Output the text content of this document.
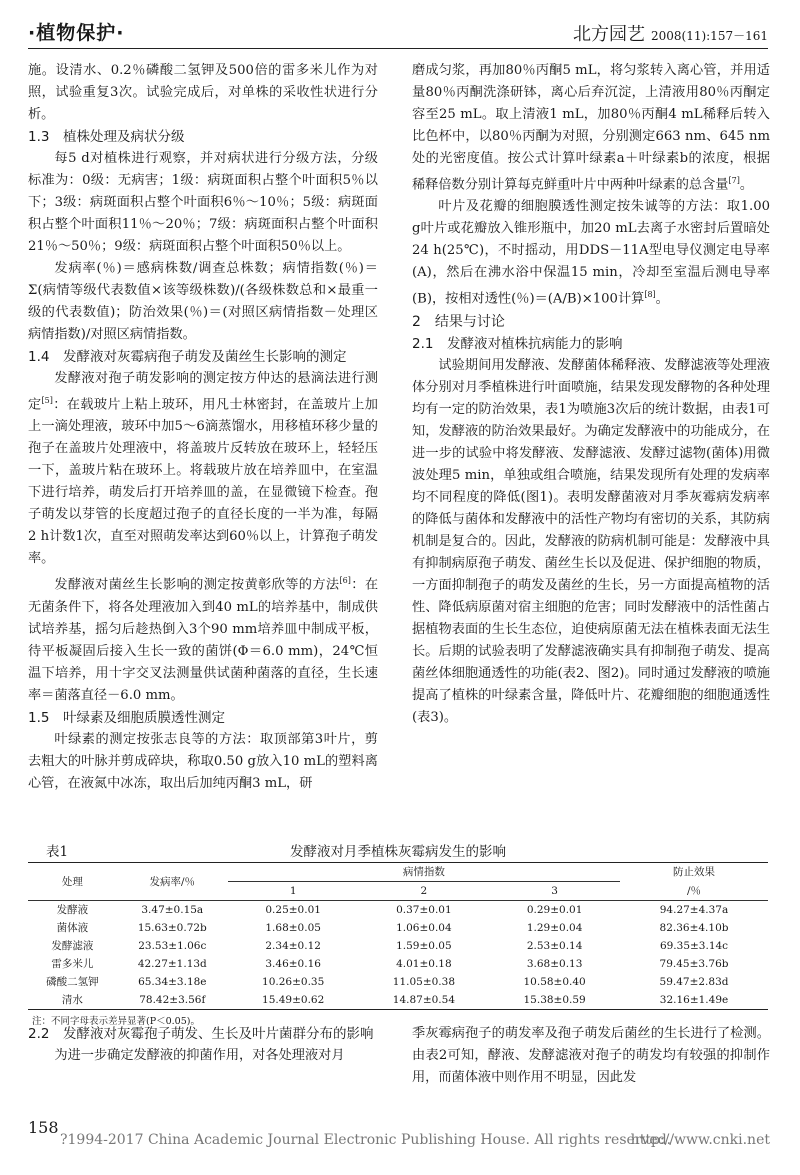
·植物保护·	北方园艺 2008(11):157－161

施。设清水、0.2％磷酸二氢钾及500倍的雷多米儿作为对照，试验重复3次。试验完成后，对单株的采收性状进行分析。

1.3　植株处理及病状分级

每5 d对植株进行观察，并对病状进行分级方法，分级标准为：0级：无病害；1级：病斑面积占整个叶面积5％以下；3级：病斑面积占整个叶面积6％～10％；5级：病斑面积占整个叶面积11％～20％；7级：病斑面积占整个叶面积21％～50％；9级：病斑面积占整个叶面积50％以上。

发病率(％)＝感病株数/调查总株数；病情指数(％)＝Σ(病情等级代表数值×该等级株数)/(各级株数总和×最重一级的代表数值)；防治效果(％)＝(对照区病情指数－处理区病情指数)/对照区病情指数。

1.4　发酵液对灰霉病孢子萌发及菌丝生长影响的测定

发酵液对孢子萌发影响的测定按方仲达的悬滴法进行测定[5]：在载玻片上粘上玻环，用凡士林密封，在盖玻片上加上一滴处理液，玻环中加5～6滴蒸馏水，用移植环移少量的孢子在盖玻片处理液中，将盖玻片反转放在玻环上，轻轻压一下，盖玻片粘在玻环上。将载玻片放在培养皿中，在室温下进行培养，萌发后打开培养皿的盖，在显微镜下检查。孢子萌发以芽管的长度超过孢子的直径长度的一半为准，每隔2 h计数1次，直至对照萌发率达到60％以上，计算孢子萌发率。

发酵液对菌丝生长影响的测定按黄彰欣等的方法[6]：在无菌条件下，将各处理液加入到40 mL的培养基中，制成供试培养基，摇匀后趁热倒入3个90 mm培养皿中制成平板，待平板凝固后接入生长一致的菌饼(Φ＝6.0 mm)，24℃恒温下培养，用十字交叉法测量供试菌种菌落的直径，生长速率＝菌落直径－6.0 mm。

1.5　叶绿素及细胞质膜透性测定

叶绿素的测定按张志良等的方法：取顶部第3叶片，剪去粗大的叶脉并剪成碎块，称取0.50 g放入10 mL的塑料离心管，在液氮中冰冻，取出后加纯丙酮3 mL，研

磨成匀浆，再加80％丙酮5 mL，将匀浆转入离心管，并用适量80％丙酮洗涤研钵，离心后弃沉淀，上清液用80％丙酮定容至25 mL。取上清液1 mL，加80％丙酮4 mL稀释后转入比色杯中，以80％丙酮为对照，分别测定663 nm、645 nm处的光密度值。按公式计算叶绿素a＋叶绿素b的浓度，根据稀释倍数分别计算每克鲜重叶片中两种叶绿素的总含量[7]。

叶片及花瓣的细胞膜透性测定按朱诚等的方法：取1.00 g叶片或花瓣放入锥形瓶中，加20 mL去离子水密封后置暗处24 h(25℃)，不时摇动，用DDS－11A型电导仪测定电导率(A)，然后在沸水浴中保温15 min，冷却至室温后测电导率(B)，按相对透性(％)＝(A/B)×100计算[8]。

2　结果与讨论

2.1　发酵液对植株抗病能力的影响

试验期间用发酵液、发酵菌体稀释液、发酵滤液等处理液体分别对月季植株进行叶面喷施，结果发现发酵物的各种处理均有一定的防治效果，表1为喷施3次后的统计数据，由表1可知，发酵液的防治效果最好。为确定发酵液中的功能成分，在进一步的试验中将发酵液、发酵滤液、发酵过滤物(菌体)用微波处理5 min，单独或组合喷施，结果发现所有处理的发病率均不同程度的降低(图1)。表明发酵菌液对月季灰霉病发病率的降低与菌体和发酵液中的活性产物均有密切的关系，其防病机制是复合的。因此，发酵液的防病机制可能是：发酵液中具有抑制病原孢子萌发、菌丝生长以及促进、保护细胞的物质，一方面抑制孢子的萌发及菌丝的生长，另一方面提高植物的活性、降低病原菌对宿主细胞的危害；同时发酵液中的活性菌占据植物表面的生长生态位，迫使病原菌无法在植株表面无法生长。后期的试验表明了发酵滤液确实具有抑制孢子萌发、提高菌丝体细胞通透性的功能(表2、图2)。同时通过发酵液的喷施提高了植株的叶绿素含量，降低叶片、花瓣细胞的细胞通透性(表3)。

表1	发酵液对月季植株灰霉病发生的影响
处理	发病率/％	病情指数			防止效果
		1	2	3	/％
发酵液	3.47±0.15a	0.25±0.01	0.37±0.01	0.29±0.01	94.27±4.37a
菌体液	15.63±0.72b	1.68±0.05	1.06±0.04	1.29±0.04	82.36±4.10b
发酵滤液	23.53±1.06c	2.34±0.12	1.59±0.05	2.53±0.14	69.35±3.14c
雷多米儿	42.27±1.13d	3.46±0.16	4.01±0.18	3.68±0.13	79.45±3.76b
磷酸二氢钾	65.34±3.18e	10.26±0.35	11.05±0.38	10.58±0.40	59.47±2.83d
清水	78.42±3.56f	15.49±0.62	14.87±0.54	15.38±0.59	32.16±1.49e
注：不同字母表示差异显著(P＜0.05)。

2.2　发酵液对灰霉孢子萌发、生长及叶片菌群分布的影响

为进一步确定发酵液的抑菌作用，对各处理液对月

季灰霉病孢子的萌发率及孢子萌发后菌丝的生长进行了检测。由表2可知，酵液、发酵滤液对孢子的萌发均有较强的抑制作用，而菌体液中则作用不明显，因此发

158
?1994-2017 China Academic Journal Electronic Publishing House. All rights reserved.
http://www.cnki.net
